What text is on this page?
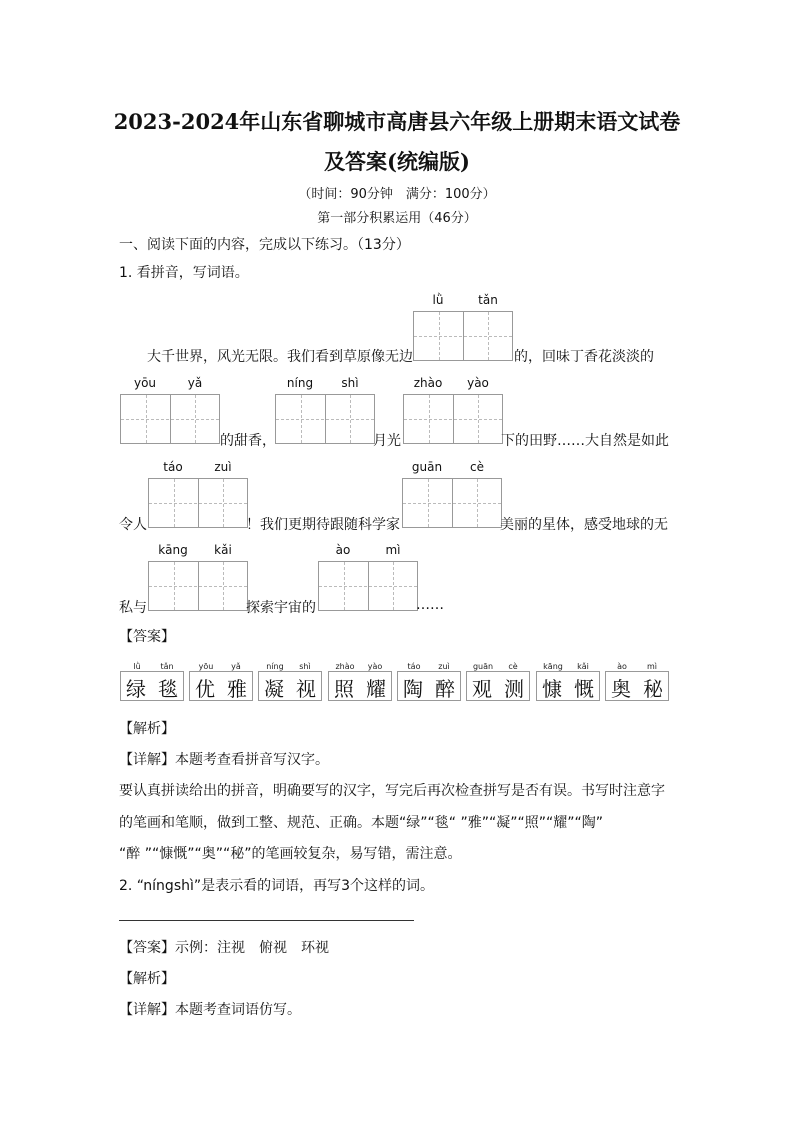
2023-2024年山东省聊城市高唐县六年级上册期末语文试卷
及答案(统编版)
（时间：90分钟　满分：100分）
第一部分积累运用（46分）
一、阅读下面的内容，完成以下练习。（13分）
1. 看拼音，写词语。
lǜ	tǎn
大千世界，风光无限。我们看到草原像无边	的，回味丁香花淡淡的
yōu	yǎ
的甜香，
níng	shì
月光
zhào	yào
下的田野……大自然是如此
táo	zuì
令人	！我们更期待跟随科学家
guān	cè
美丽的星体，感受地球的无
kāng	kǎi
私与	探索宇宙的
ào	mì
……
【答案】
lǜ	tǎn
绿 毯
yōu	yǎ
优 雅
níng	shì
凝 视
zhào	yào
照 耀
táo	zuì
陶 醉
guān	cè
观 测
kāng	kǎi
慷 慨
ào	mì
奥 秘
【解析】
【详解】本题考查看拼音写汉字。
要认真拼读给出的拼音，明确要写的汉字，写完后再次检查拼写是否有误。书写时注意字
的笔画和笔顺，做到工整、规范、正确。本题“绿”“毯“ ”雅”“凝”“照”“耀”“陶”
“醉 ”“慷慨”“奥”“秘”的笔画较复杂，易写错，需注意。
2. “níngshì”是表示看的词语，再写3个这样的词。
【答案】示例：注视　俯视　环视
【解析】
【详解】本题考查词语仿写。
